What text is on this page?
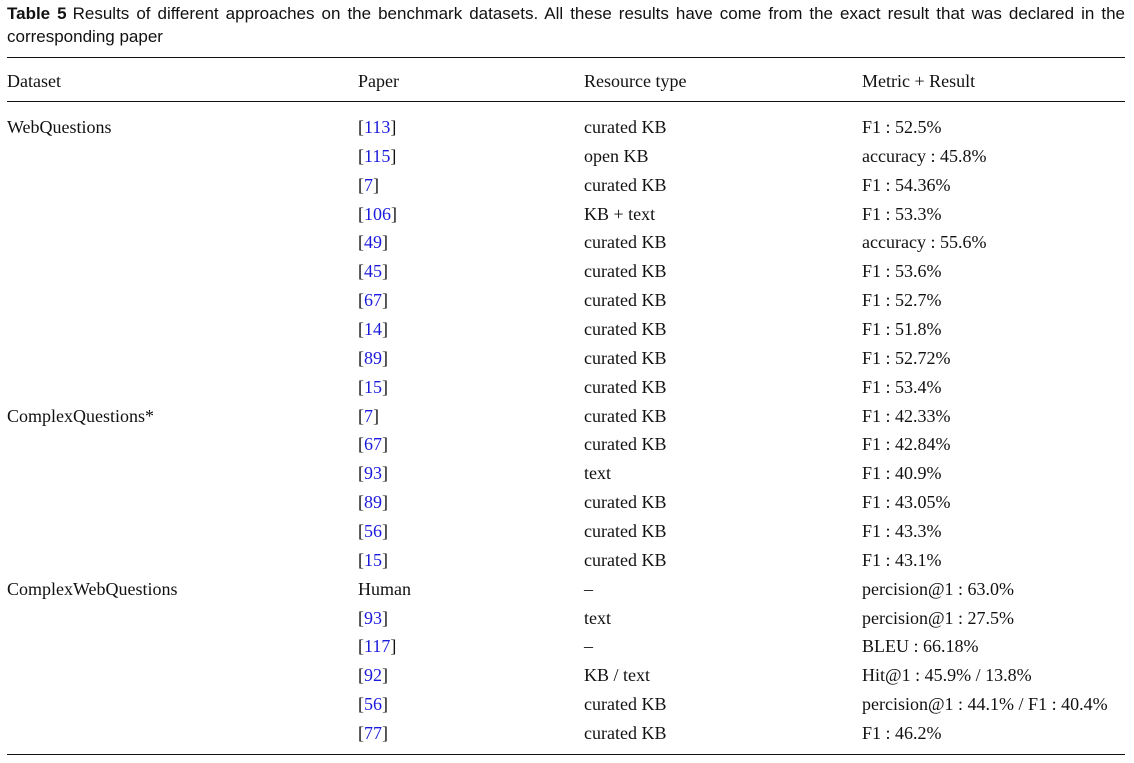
Table 5 Results of different approaches on the benchmark datasets. All these results have come from the exact result that was declared in the corresponding paper
Dataset	Paper	Resource type	Metric + Result
WebQuestions	[113]	curated KB	F1 : 52.5%
[115]	open KB	accuracy : 45.8%
[7]	curated KB	F1 : 54.36%
[106]	KB + text	F1 : 53.3%
[49]	curated KB	accuracy : 55.6%
[45]	curated KB	F1 : 53.6%
[67]	curated KB	F1 : 52.7%
[14]	curated KB	F1 : 51.8%
[89]	curated KB	F1 : 52.72%
[15]	curated KB	F1 : 53.4%
ComplexQuestions*	[7]	curated KB	F1 : 42.33%
[67]	curated KB	F1 : 42.84%
[93]	text	F1 : 40.9%
[89]	curated KB	F1 : 43.05%
[56]	curated KB	F1 : 43.3%
[15]	curated KB	F1 : 43.1%
ComplexWebQuestions	Human	–	percision@1 : 63.0%
[93]	text	percision@1 : 27.5%
[117]	–	BLEU : 66.18%
[92]	KB / text	Hit@1 : 45.9% / 13.8%
[56]	curated KB	percision@1 : 44.1% / F1 : 40.4%
[77]	curated KB	F1 : 46.2%
